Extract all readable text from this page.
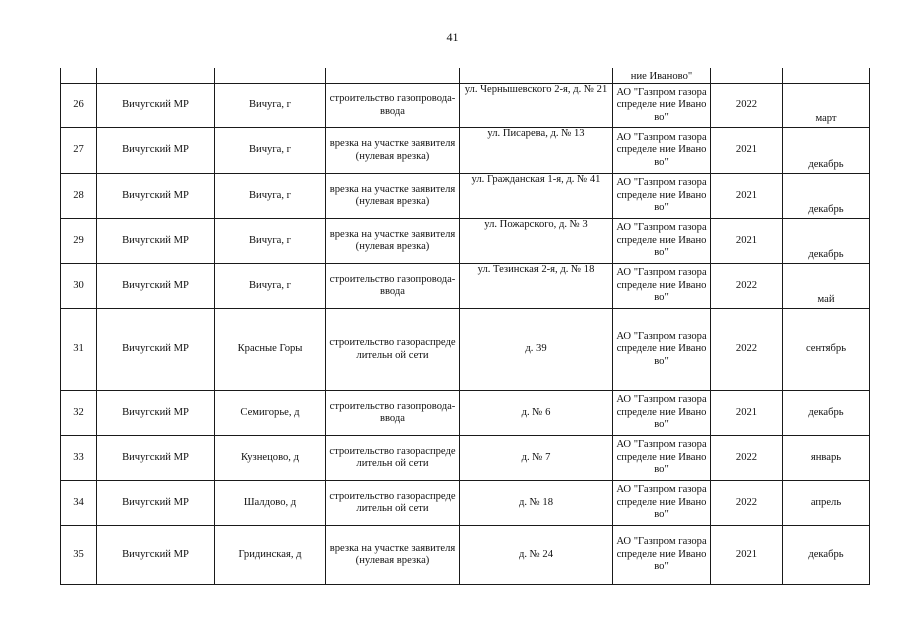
41
					ние Иваново"		
26	Вичугский МР	Вичуга, г	строительство газопровода-ввода	ул. Чернышевского 2-я, д. № 21	АО "Газпром газораспределе ние Иваново"	2022	март
27	Вичугский МР	Вичуга, г	врезка на участке заявителя (нулевая врезка)	ул. Писарева, д. № 13	АО "Газпром газораспределе ние Иваново"	2021	декабрь
28	Вичугский МР	Вичуга, г	врезка на участке заявителя (нулевая врезка)	ул. Гражданская 1-я, д. № 41	АО "Газпром газораспределе ние Иваново"	2021	декабрь
29	Вичугский МР	Вичуга, г	врезка на участке заявителя (нулевая врезка)	ул. Пожарского, д. № 3	АО "Газпром газораспределе ние Иваново"	2021	декабрь
30	Вичугский МР	Вичуга, г	строительство газопровода-ввода	ул. Тезинская 2-я, д. № 18	АО "Газпром газораспределе ние Иваново"	2022	май
31	Вичугский МР	Красные Горы	строительство газораспределительн ой сети	д. 39	АО "Газпром газораспределе ние Иваново"	2022	сентябрь
32	Вичугский МР	Семигорье, д	строительство газопровода-ввода	д. № 6	АО "Газпром газораспределе ние Иваново"	2021	декабрь
33	Вичугский МР	Кузнецово, д	строительство газораспределительн ой сети	д. № 7	АО "Газпром газораспределе ние Иваново"	2022	январь
34	Вичугский МР	Шалдово, д	строительство газораспределительн ой сети	д. № 18	АО "Газпром газораспределе ние Иваново"	2022	апрель
35	Вичугский МР	Гридинская, д	врезка на участке заявителя (нулевая врезка)	д. № 24	АО "Газпром газораспределе ние Иваново"	2021	декабрь
